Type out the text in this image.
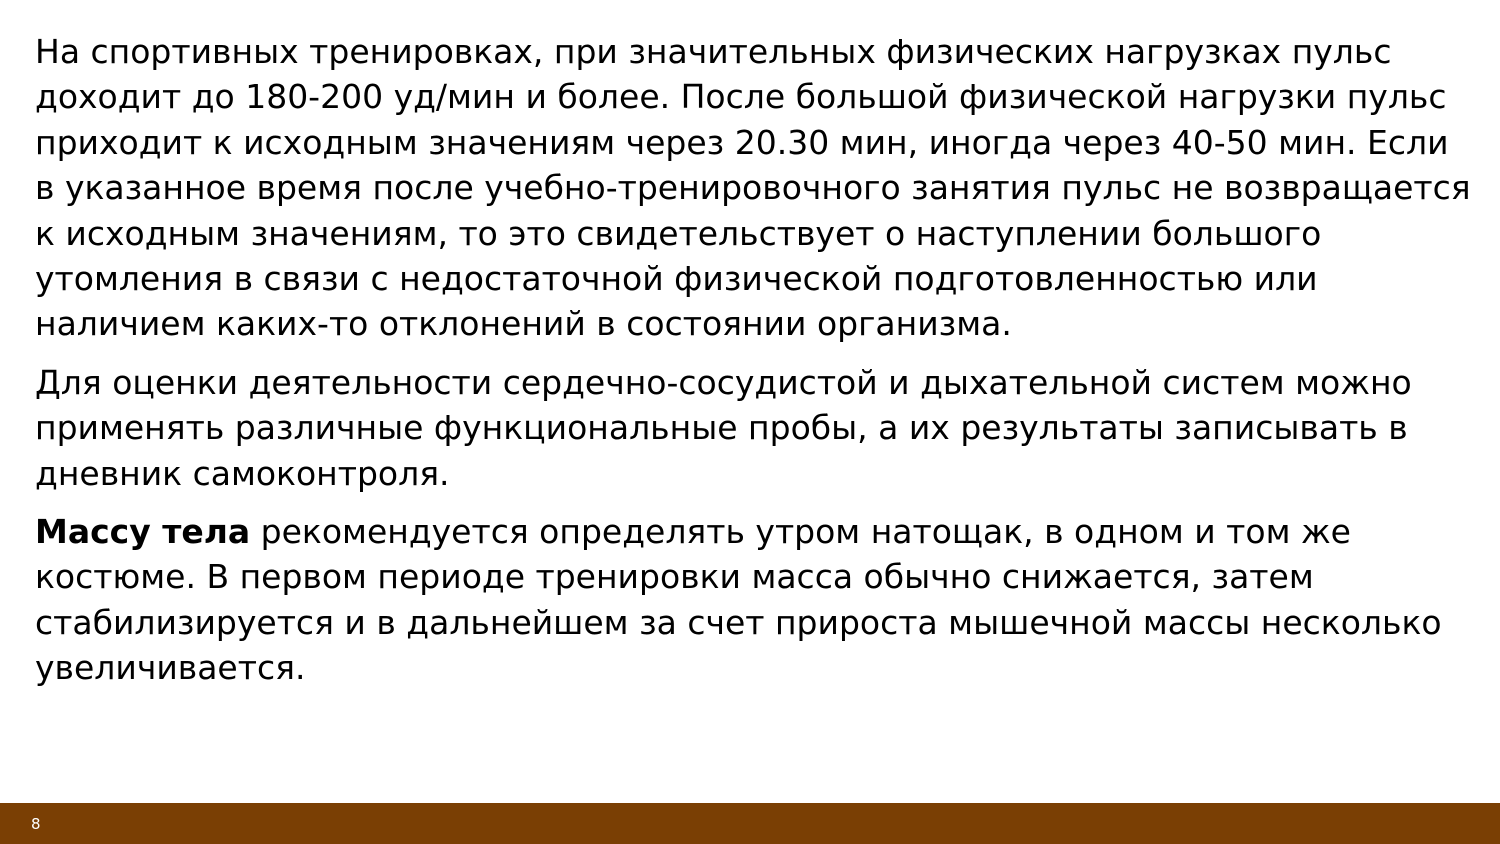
На спортивных тренировках, при значительных физических нагрузках пульс доходит до 180-200 уд/мин и более. После большой физической нагрузки пульс приходит к исходным значениям через 20.30 мин, иногда через 40-50 мин. Если в указанное время после учебно-тренировочного занятия пульс не возвращается к исходным значениям, то это свидетельствует о наступлении большого утомления в связи с недостаточной физической подготовленностью или наличием каких-то отклонений в состоянии организма.

Для оценки деятельности сердечно-сосудистой и дыхательной систем можно применять различные функциональные пробы, а их результаты записывать в дневник самоконтроля.

Массу тела рекомендуется определять утром натощак, в одном и том же костюме. В первом периоде тренировки масса обычно снижается, затем стабилизируется и в дальнейшем за счет прироста мышечной массы несколько увеличивается.

8
